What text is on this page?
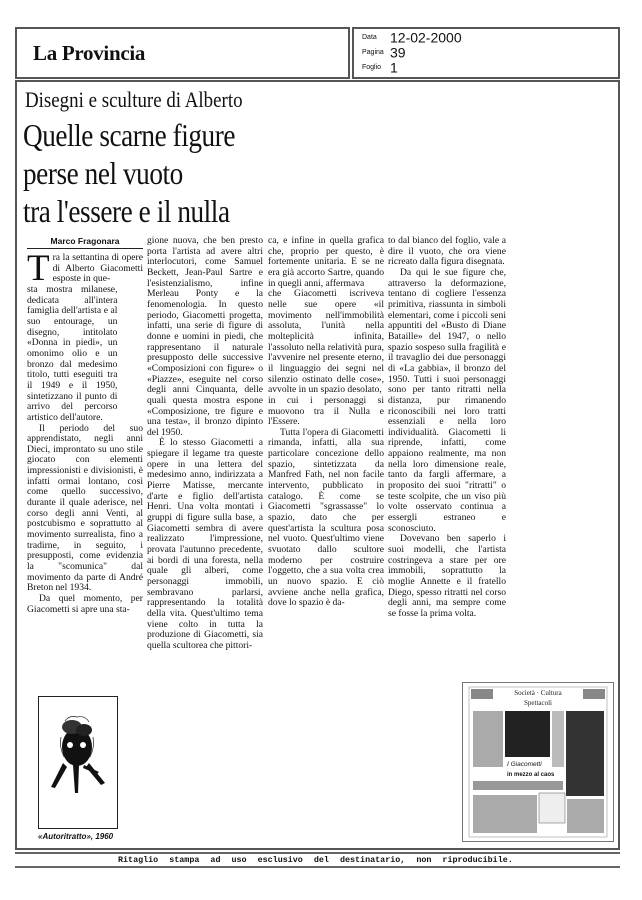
La Provincia
Data 12-02-2000
Pagina 39
Foglio 1
Disegni e sculture di Alberto
Quelle scarne figure
perse nel vuoto
tra l'essere e il nulla
Marco Fragonara

Tra la settantina di opere di Alberto Giacometti esposte in que-

sta mostra milanese, dedicata all'intera famiglia dell'artista e al suo entourage, un disegno, intitolato «Donna in piedi», un omonimo olio e un bronzo dal medesimo titolo, tutti eseguiti tra il 1949 e il 1950, sintetizzano il punto di arrivo del percorso artistico dell'autore.

Il periodo del suo apprendistato, negli anni Dieci, improntato su uno stile giocato con elementi impressionisti e divisionisti, è infatti ormai lontano, così come quello successivo, durante il quale aderisce, nel corso degli anni Venti, al postcubismo e soprattutto al movimento surrealista, fino a tradirne, in seguito, i presupposti, come evidenzia la "scomunica" dal movimento da parte di André Breton nel 1934.

Da quel momento, per Giacometti si apre una sta-

gione nuova, che ben presto porta l'artista ad avere altri interlocutori, come Samuel Beckett, Jean-Paul Sartre e l'esistenzialismo, infine Merleau Ponty e la fenomenologia. In questo periodo, Giacometti progetta, infatti, una serie di figure di donne e uomini in piedi, che rappresentano il naturale presupposto delle successive «Composizioni con figure» o «Piazze», eseguite nel corso degli anni Cinquanta, delle quali questa mostra espone «Composizione, tre figure e una testa», il bronzo dipinto del 1950.

È lo stesso Giacometti a spiegare il legame tra queste opere in una lettera del medesimo anno, indirizzata a Pierre Matisse, mercante d'arte e figlio dell'artista Henri. Una volta montati i gruppi di figure sulla base, a Giacometti sembra di avere realizzato l'impressione, provata l'autunno precedente, ai bordi di una foresta, nella quale gli alberi, come personaggi immobili, sembravano parlarsi, rappresentando la totalità della vita. Quest'ultimo tema viene colto in tutta la produzione di Giacometti, sia quella scultorea che pittori-

ca, e infine in quella grafica che, proprio per questo, è fortemente unitaria. E se ne era già accorto Sartre, quando in quegli anni, affermava

che Giacometti iscriveva nelle sue opere «il movimento nell'immobilità assoluta, l'unità nella molteplicità infinita, l'assoluto nella relatività pura, l'avvenire nel presente eterno, il linguaggio dei segni nel silenzio ostinato delle cose», avvolte in un spazio desolato,

in cui i personaggi si muovono tra il Nulla e l'Essere.

Tutta l'opera di Giacometti rimanda, infatti, alla sua particolare concezione dello spazio, sintetizzata da Manfred Fath, nel non facile intervento, pubblicato in catalogo. È come se Giacometti "sgrassasse" lo spazio, dato che per quest'artista la scultura posa nel vuoto. Quest'ultimo viene svuotato dallo scultore moderno per costruire l'oggetto, che a sua volta crea un nuovo spazio. E ciò avviene anche nella grafica, dove lo spazio è da-

to dal bianco del foglio, vale a dire il vuoto, che ora viene ricreato dalla figura disegnata.

Da qui le sue figure che, attraverso la deformazione, tentano di cogliere l'essenza primitiva, riassunta in simboli elementari, come i piccoli seni appuntiti del «Busto di Diane Bataille» del 1947, o nello spazio sospeso sulla fragilità e il travaglio dei due personaggi di «La gabbia», il bronzo del 1950. Tutti i suoi personaggi sono per tanto ritratti nella distanza, pur rimanendo riconoscibili nei loro tratti essenziali e nella loro individualità. Giacometti li riprende, infatti, come appaiono realmente, ma non nella loro dimensione reale, tanto da fargli affermare, a proposito dei suoi "ritratti" o teste scolpite, che un viso più volte osservato continua a essergli estraneo e sconosciuto.

Dovevano ben saperlo i suoi modelli, che l'artista costringeva a stare per ore immobili, soprattutto la moglie Annette e il fratello Diego, spesso ritratti nel corso degli anni, ma sempre come se fosse la prima volta.

«Autoritratto», 1960
Società · Cultura
Spettacoli
I Giacometti
in mezzo al caos
Ritaglio stampa ad uso esclusivo del destinatario, non riproducibile.
